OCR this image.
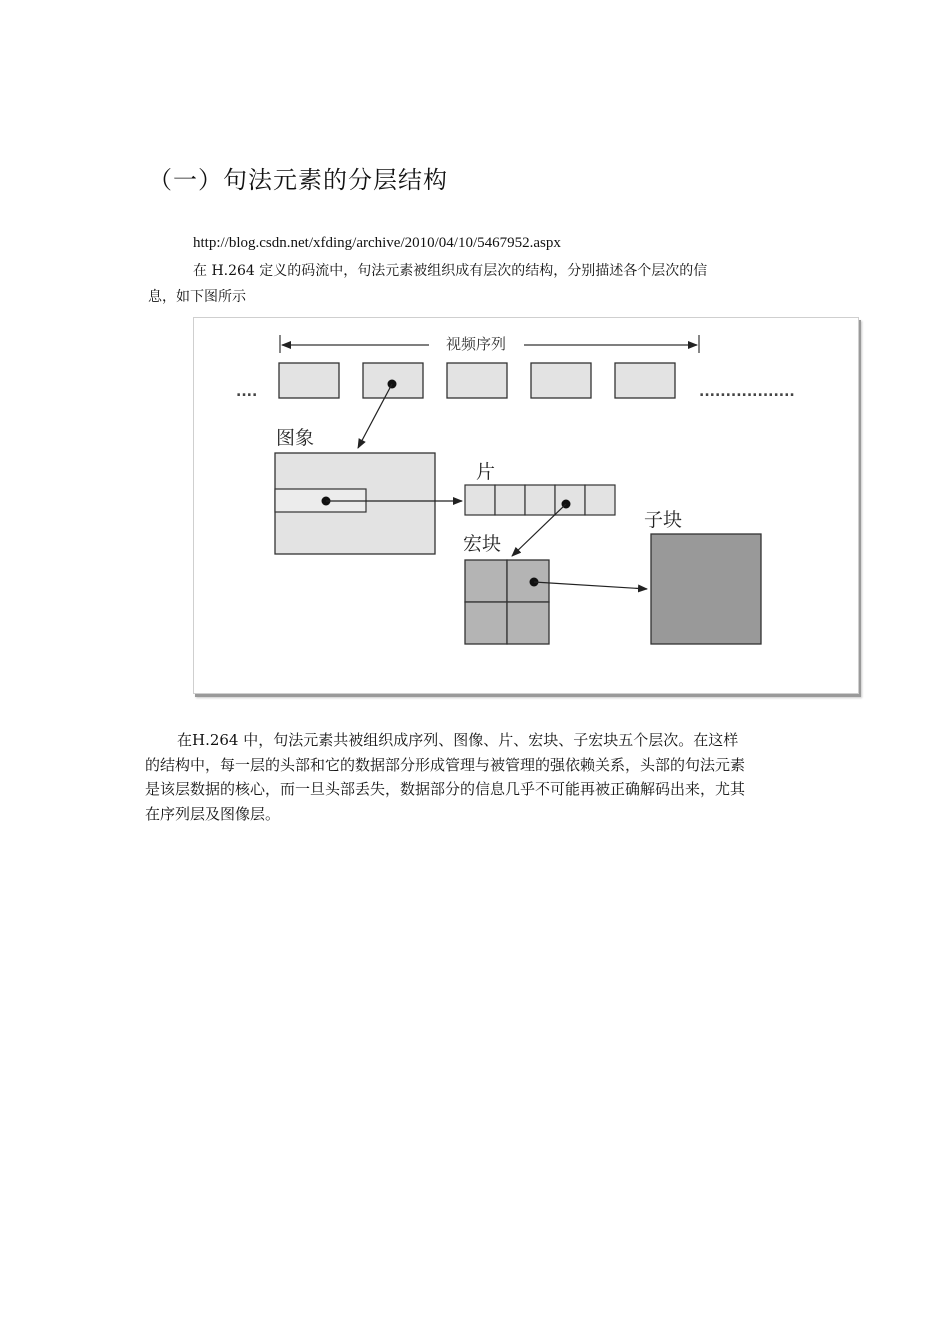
（一）句法元素的分层结构
http://blog.csdn.net/xfding/archive/2010/04/10/5467952.aspx
在 H.264 定义的码流中，句法元素被组织成有层次的结构，分别描述各个层次的信
息，如下图所示
视频序列
....	..................
图象
片
宏块
子块
在H.264 中，句法元素共被组织成序列、图像、片、宏块、子宏块五个层次。在这样
的结构中，每一层的头部和它的数据部分形成管理与被管理的强依赖关系，头部的句法元素
是该层数据的核心，而一旦头部丢失，数据部分的信息几乎不可能再被正确解码出来，尤其
在序列层及图像层。
